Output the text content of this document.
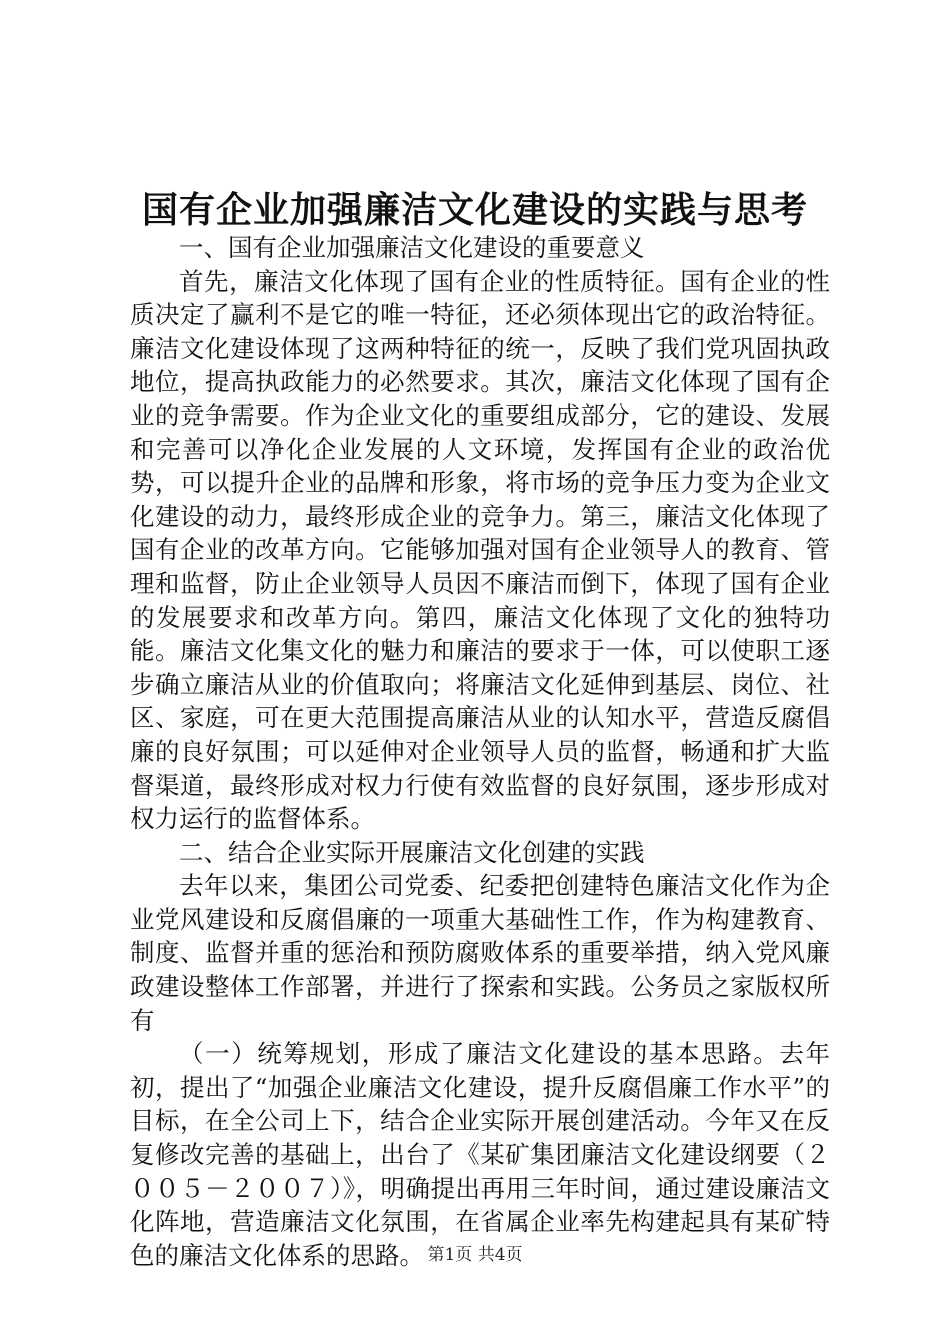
国有企业加强廉洁文化建设的实践与思考

一、国有企业加强廉洁文化建设的重要意义

首先，廉洁文化体现了国有企业的性质特征。国有企业的性质决定了赢利不是它的唯一特征，还必须体现出它的政治特征。廉洁文化建设体现了这两种特征的统一，反映了我们党巩固执政地位，提高执政能力的必然要求。其次，廉洁文化体现了国有企业的竞争需要。作为企业文化的重要组成部分，它的建设、发展和完善可以净化企业发展的人文环境，发挥国有企业的政治优势，可以提升企业的品牌和形象，将市场的竞争压力变为企业文化建设的动力，最终形成企业的竞争力。第三，廉洁文化体现了国有企业的改革方向。它能够加强对国有企业领导人的教育、管理和监督，防止企业领导人员因不廉洁而倒下，体现了国有企业的发展要求和改革方向。第四，廉洁文化体现了文化的独特功能。廉洁文化集文化的魅力和廉洁的要求于一体，可以使职工逐步确立廉洁从业的价值取向；将廉洁文化延伸到基层、岗位、社区、家庭，可在更大范围提高廉洁从业的认知水平，营造反腐倡廉的良好氛围；可以延伸对企业领导人员的监督，畅通和扩大监督渠道，最终形成对权力行使有效监督的良好氛围，逐步形成对权力运行的监督体系。

二、结合企业实际开展廉洁文化创建的实践

去年以来，集团公司党委、纪委把创建特色廉洁文化作为企业党风建设和反腐倡廉的一项重大基础性工作，作为构建教育、制度、监督并重的惩治和预防腐败体系的重要举措，纳入党风廉政建设整体工作部署，并进行了探索和实践。公务员之家版权所有

（一）统筹规划，形成了廉洁文化建设的基本思路。去年初，提出了“加强企业廉洁文化建设，提升反腐倡廉工作水平”的目标，在全公司上下，结合企业实际开展创建活动。今年又在反复修改完善的基础上，出台了《某矿集团廉洁文化建设纲要（２００５－２００７）》，明确提出再用三年时间，通过建设廉洁文化阵地，营造廉洁文化氛围，在省属企业率先构建起具有某矿特色的廉洁文化体系的思路。 第1页 共4页
